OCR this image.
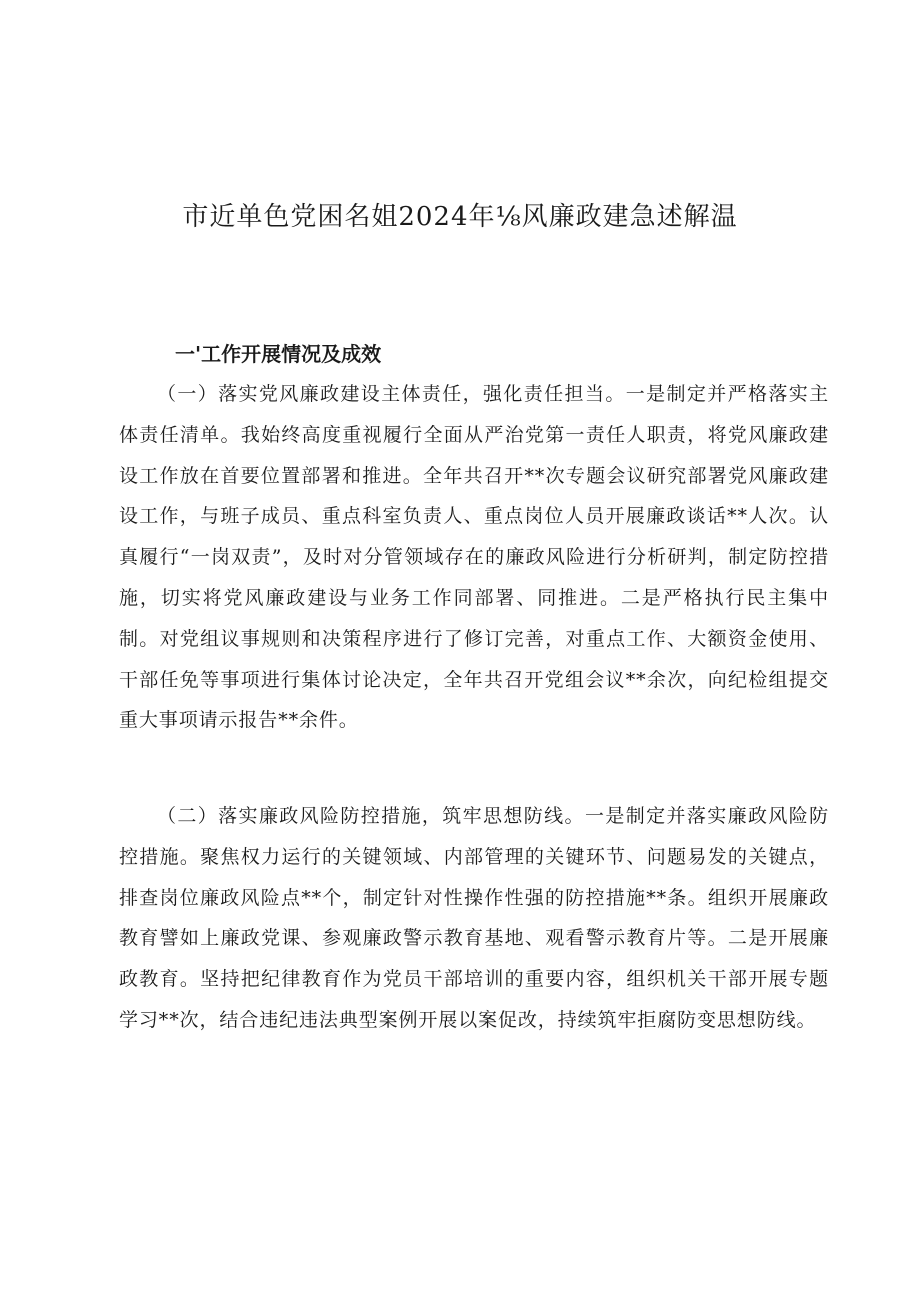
市近单色党困名姐2024年⅛风廉政建急述解温
一'工作开展情况及成效

（一）落实党风廉政建设主体责任，强化责任担当。一是制定并严格落实主体责任清单。我始终高度重视履行全面从严治党第一责任人职责，将党风廉政建设工作放在首要位置部署和推进。全年共召开**次专题会议研究部署党风廉政建设工作，与班子成员、重点科室负责人、重点岗位人员开展廉政谈话**人次。认真履行“一岗双责”，及时对分管领域存在的廉政风险进行分析研判，制定防控措施，切实将党风廉政建设与业务工作同部署、同推进。二是严格执行民主集中制。对党组议事规则和决策程序进行了修订完善，对重点工作、大额资金使用、干部任免等事项进行集体讨论决定，全年共召开党组会议**余次，向纪检组提交重大事项请示报告**余件。

（二）落实廉政风险防控措施，筑牢思想防线。一是制定并落实廉政风险防控措施。聚焦权力运行的关键领域、内部管理的关键环节、问题易发的关键点，排查岗位廉政风险点**个，制定针对性操作性强的防控措施**条。组织开展廉政教育譬如上廉政党课、参观廉政警示教育基地、观看警示教育片等。二是开展廉政教育。坚持把纪律教育作为党员干部培训的重要内容，组织机关干部开展专题学习**次，结合违纪违法典型案例开展以案促改，持续筑牢拒腐防变思想防线。
